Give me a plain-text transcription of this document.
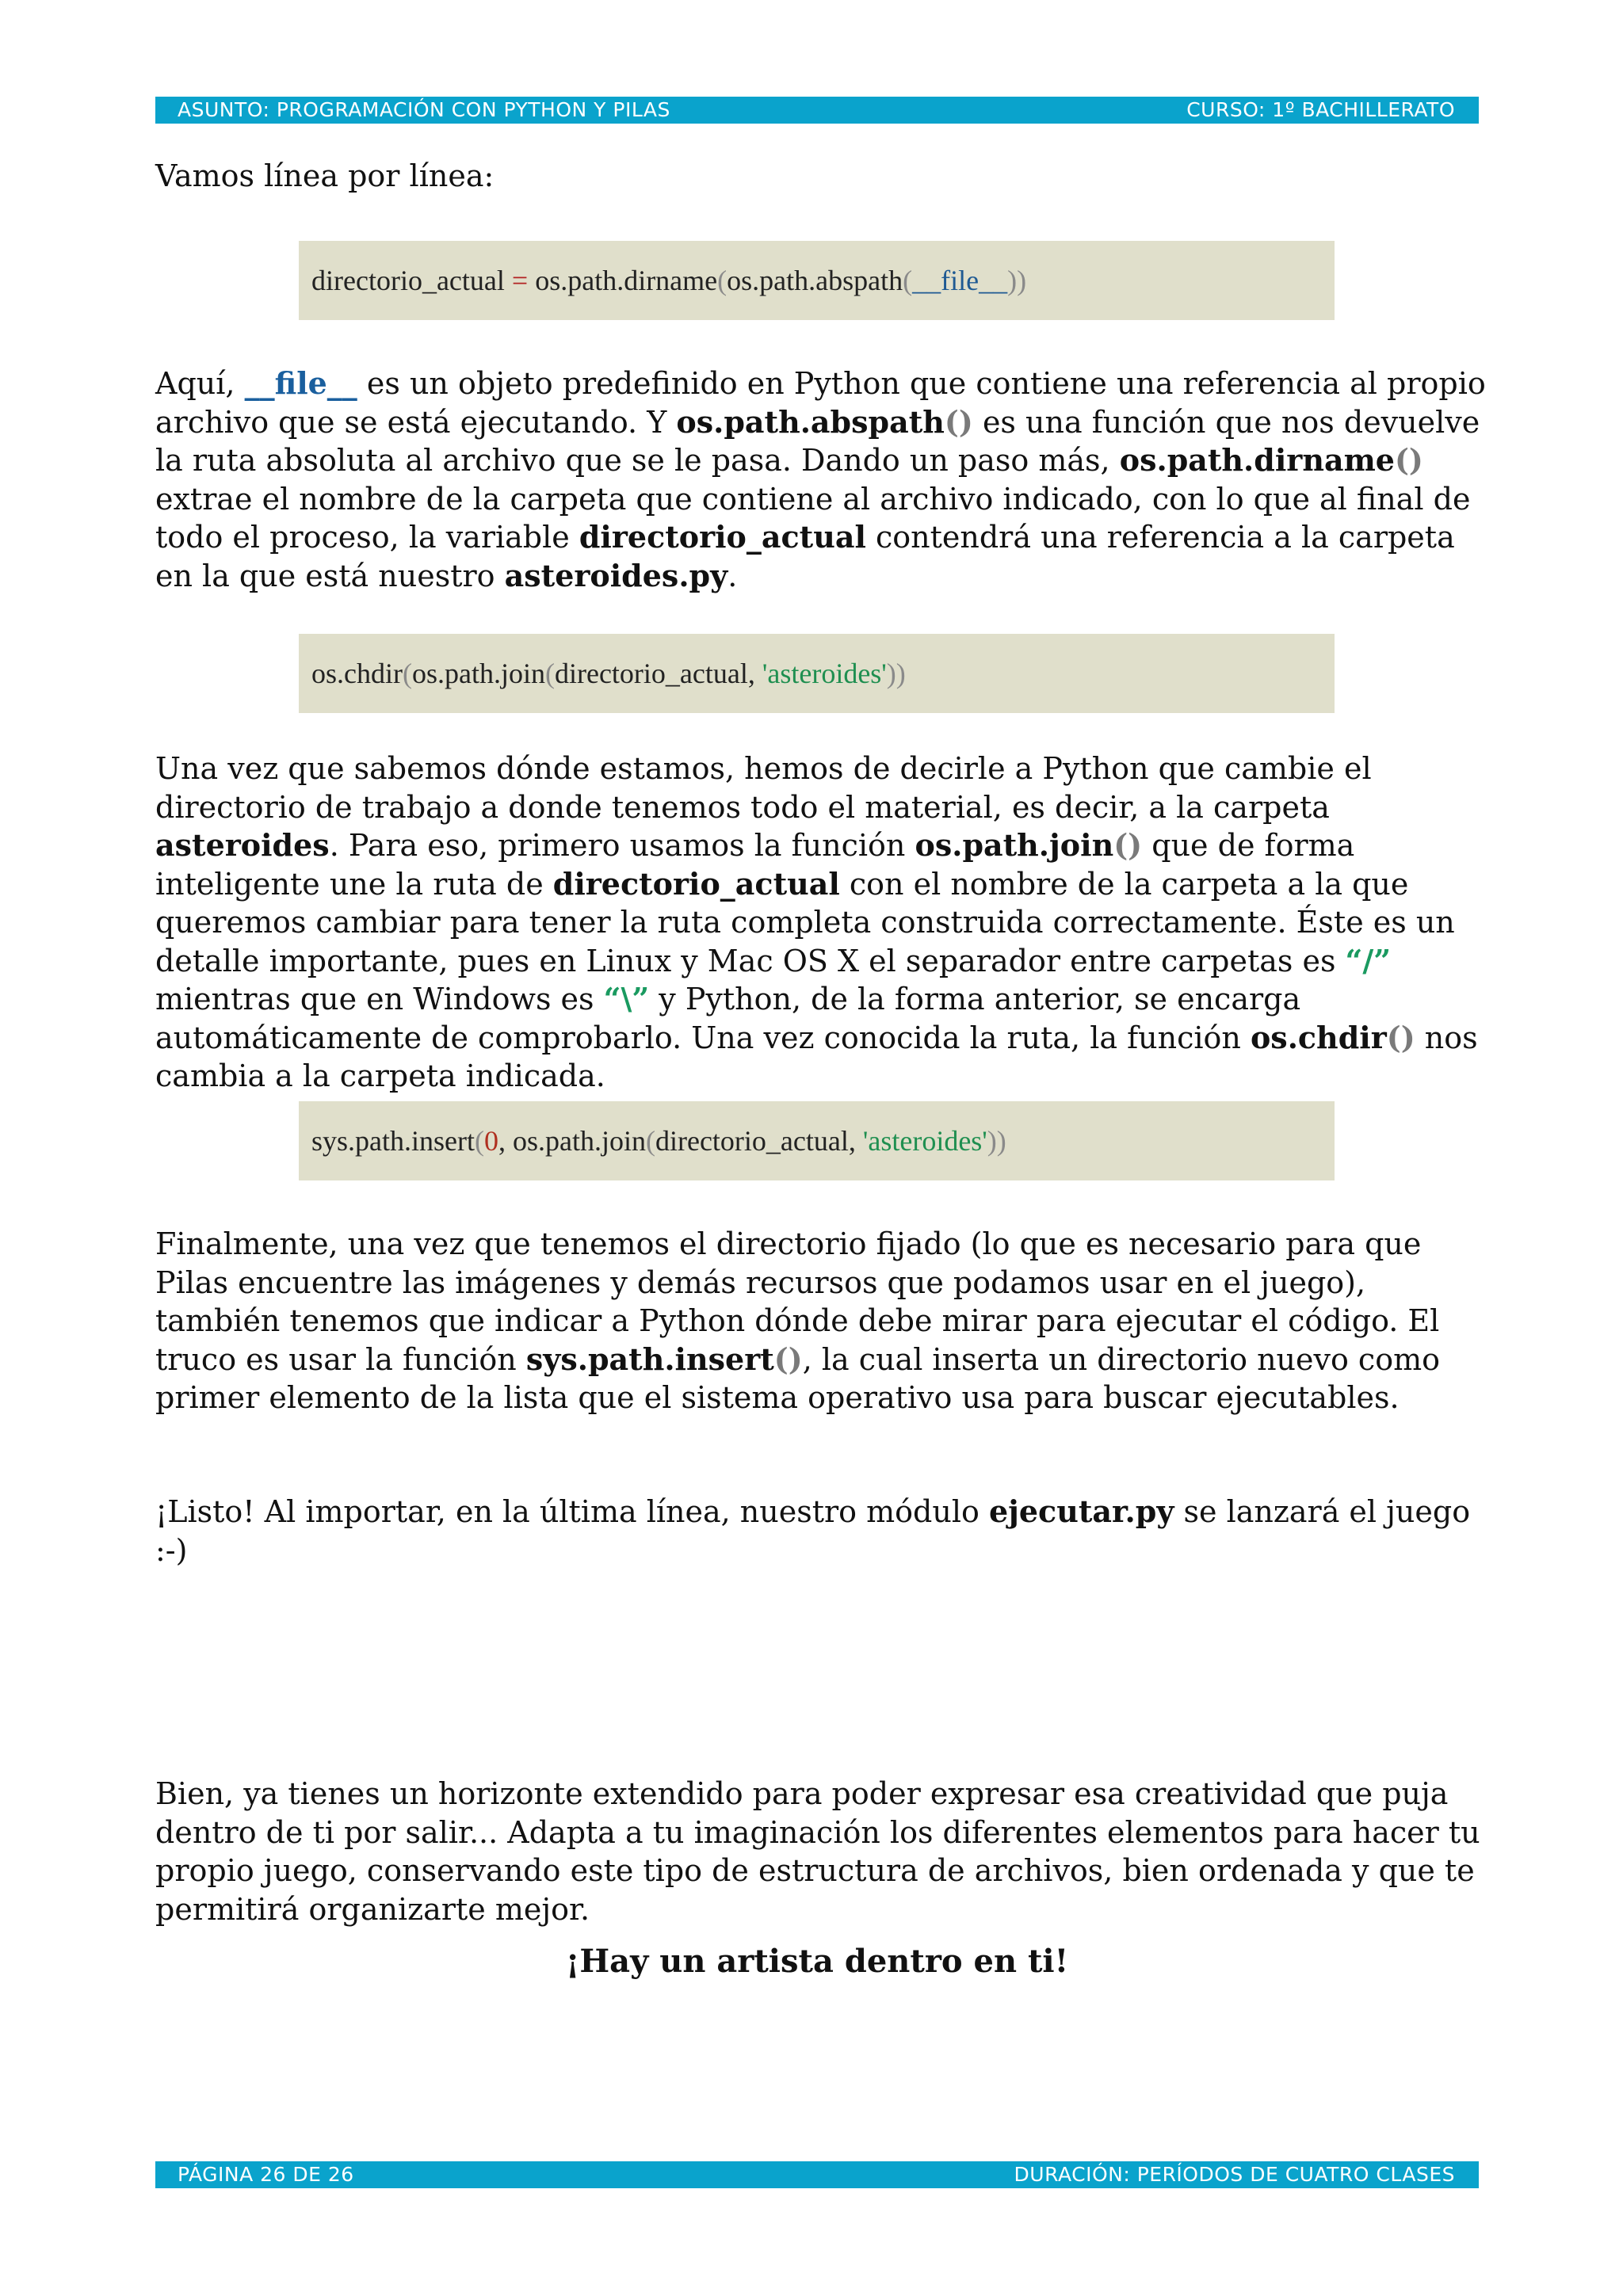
ASUNTO: PROGRAMACIÓN CON PYTHON Y PILAS	CURSO: 1º BACHILLERATO
Vamos línea por línea:
directorio_actual = os.path.dirname(os.path.abspath(__file__))
Aquí, __file__ es un objeto predefinido en Python que contiene una referencia al propio archivo que se está ejecutando. Y os.path.abspath() es una función que nos devuelve la ruta absoluta al archivo que se le pasa. Dando un paso más, os.path.dirname() extrae el nombre de la carpeta que contiene al archivo indicado, con lo que al final de todo el proceso, la variable directorio_actual contendrá una referencia a la carpeta en la que está nuestro asteroides.py.
os.chdir(os.path.join(directorio_actual, 'asteroides'))
Una vez que sabemos dónde estamos, hemos de decirle a Python que cambie el directorio de trabajo a donde tenemos todo el material, es decir, a la carpeta asteroides. Para eso, primero usamos la función os.path.join() que de forma inteligente une la ruta de directorio_actual con el nombre de la carpeta a la que queremos cambiar para tener la ruta completa construida correctamente. Éste es un detalle importante, pues en Linux y Mac OS X el separador entre carpetas es “/” mientras que en Windows es “\” y Python, de la forma anterior, se encarga automáticamente de comprobarlo. Una vez conocida la ruta, la función os.chdir() nos cambia a la carpeta indicada.
sys.path.insert(0, os.path.join(directorio_actual, 'asteroides'))
Finalmente, una vez que tenemos el directorio fijado (lo que es necesario para que Pilas encuentre las imágenes y demás recursos que podamos usar en el juego), también tenemos que indicar a Python dónde debe mirar para ejecutar el código. El truco es usar la función sys.path.insert(), la cual inserta un directorio nuevo como primer elemento de la lista que el sistema operativo usa para buscar ejecutables.
¡Listo! Al importar, en la última línea, nuestro módulo ejecutar.py se lanzará el juego :-)
Bien, ya tienes un horizonte extendido para poder expresar esa creatividad que puja dentro de ti por salir... Adapta a tu imaginación los diferentes elementos para hacer tu propio juego, conservando este tipo de estructura de archivos, bien ordenada y que te permitirá organizarte mejor.
¡Hay un artista dentro en ti!
PÁGINA 26 DE 26	DURACIÓN: PERÍODOS DE CUATRO CLASES
